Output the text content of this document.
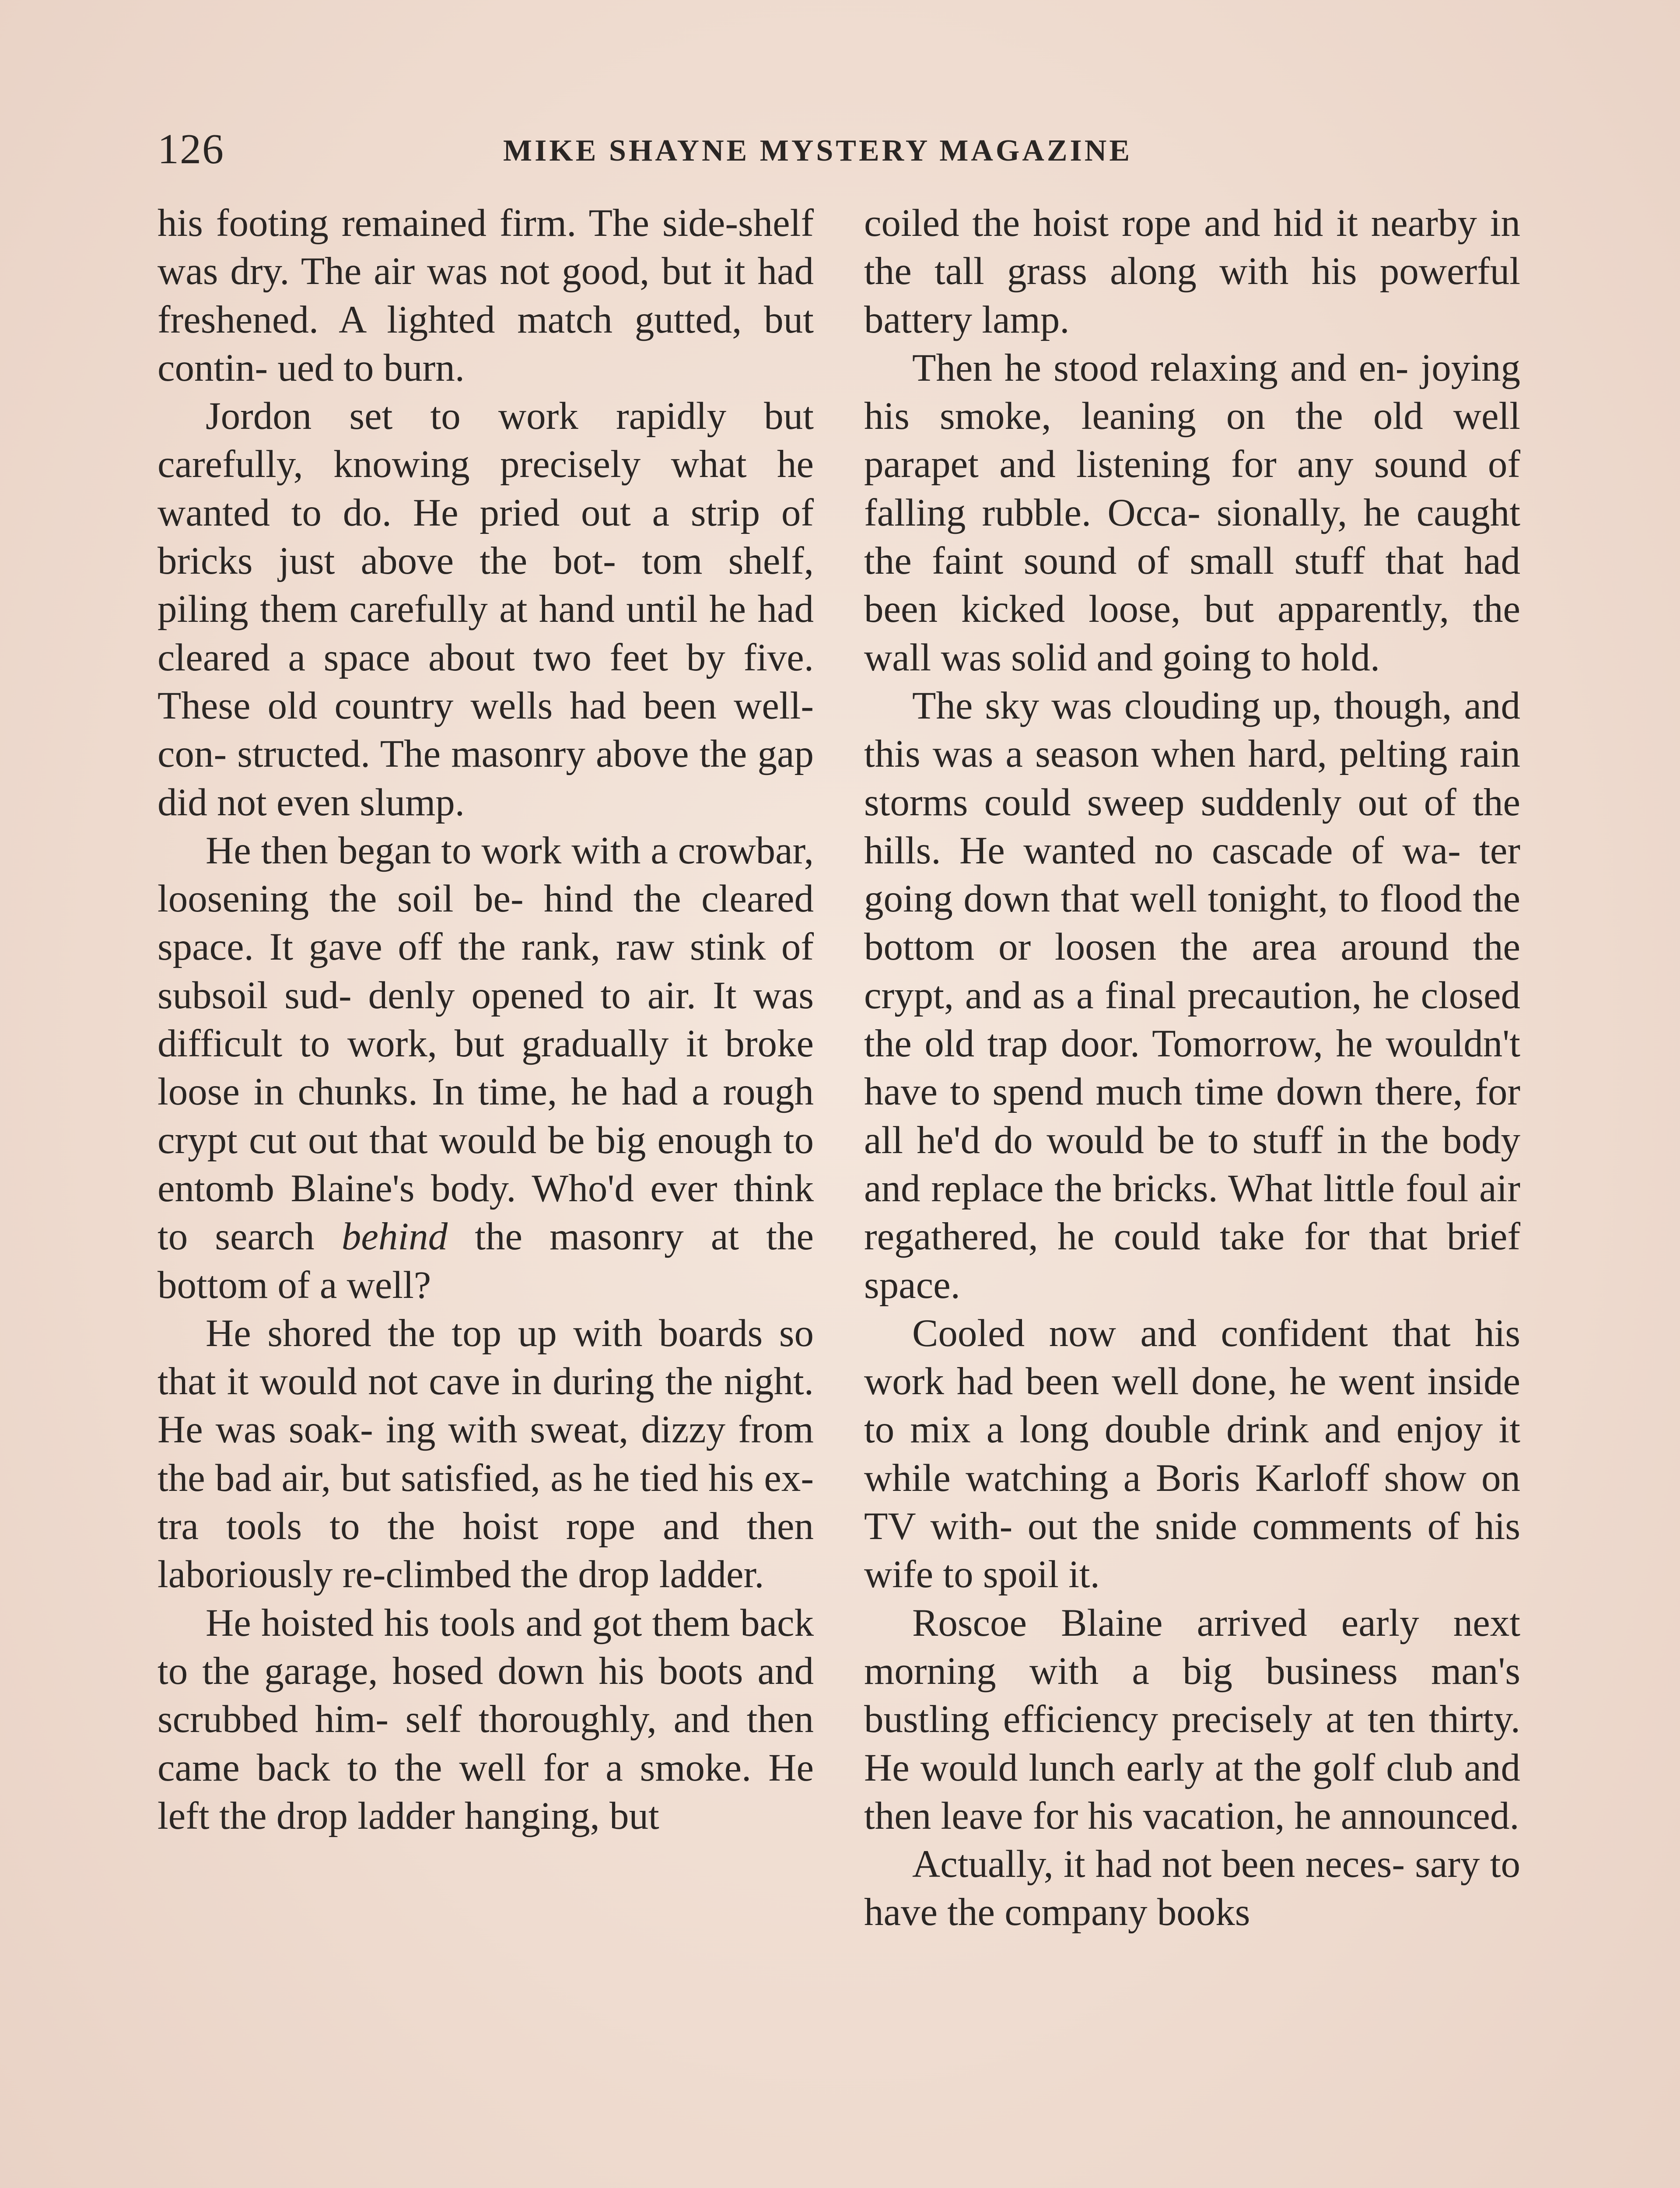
126	MIKE SHAYNE MYSTERY MAGAZINE

his footing remained firm. The side-shelf was dry. The air was not good, but it had freshened. A lighted match gutted, but contin- ued to burn.

Jordon set to work rapidly but carefully, knowing precisely what he wanted to do. He pried out a strip of bricks just above the bot- tom shelf, piling them carefully at hand until he had cleared a space about two feet by five. These old country wells had been well-con- structed. The masonry above the gap did not even slump.

He then began to work with a crowbar, loosening the soil be- hind the cleared space. It gave off the rank, raw stink of subsoil sud- denly opened to air. It was difficult to work, but gradually it broke loose in chunks. In time, he had a rough crypt cut out that would be big enough to entomb Blaine's body. Who'd ever think to search behind the masonry at the bottom of a well?

He shored the top up with boards so that it would not cave in during the night. He was soak- ing with sweat, dizzy from the bad air, but satisfied, as he tied his ex- tra tools to the hoist rope and then laboriously re-climbed the drop ladder.

He hoisted his tools and got them back to the garage, hosed down his boots and scrubbed him- self thoroughly, and then came back to the well for a smoke. He left the drop ladder hanging, but

coiled the hoist rope and hid it nearby in the tall grass along with his powerful battery lamp.

Then he stood relaxing and en- joying his smoke, leaning on the old well parapet and listening for any sound of falling rubble. Occa- sionally, he caught the faint sound of small stuff that had been kicked loose, but apparently, the wall was solid and going to hold.

The sky was clouding up, though, and this was a season when hard, pelting rain storms could sweep suddenly out of the hills. He wanted no cascade of wa- ter going down that well tonight, to flood the bottom or loosen the area around the crypt, and as a final precaution, he closed the old trap door. Tomorrow, he wouldn't have to spend much time down there, for all he'd do would be to stuff in the body and replace the bricks. What little foul air regathered, he could take for that brief space.

Cooled now and confident that his work had been well done, he went inside to mix a long double drink and enjoy it while watching a Boris Karloff show on TV with- out the snide comments of his wife to spoil it.

Roscoe Blaine arrived early next morning with a big business man's bustling efficiency precisely at ten thirty. He would lunch early at the golf club and then leave for his vacation, he announced.

Actually, it had not been neces- sary to have the company books
